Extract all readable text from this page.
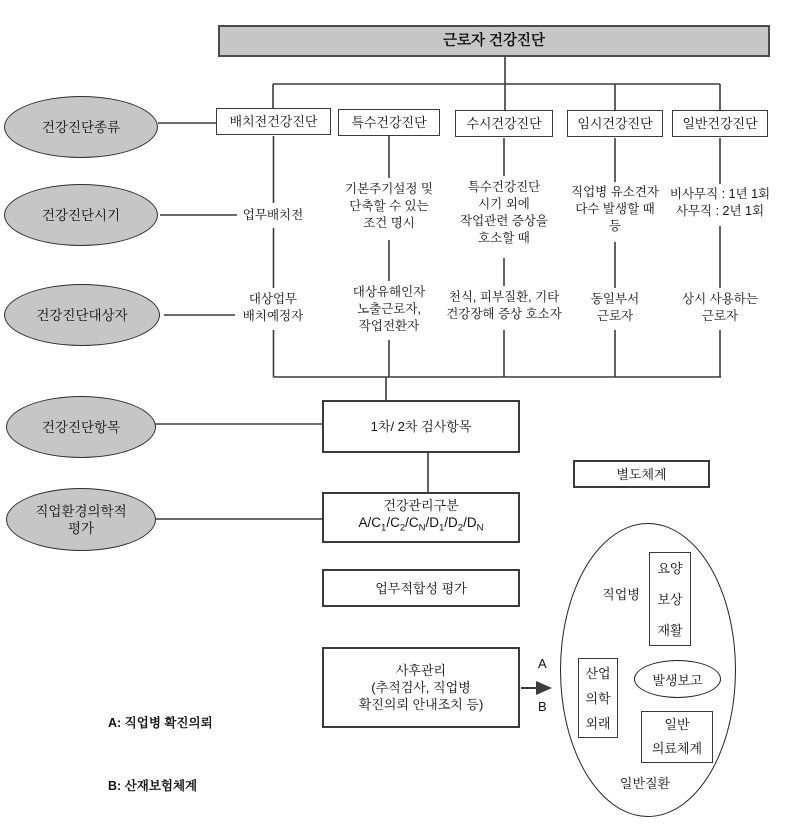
근로자 건강진단
건강진단종류
건강진단시기
건강진단대상자
건강진단항목
직업환경의학적
평가
배치전건강진단	특수건강진단	수시건강진단	임시건강진단	일반건강진단
업무배치전
기본주기설정 및
단축할 수 있는
조건 명시
특수건강진단
시기 외에
작업관련 증상을
호소할 때
직업병 유소견자
다수 발생할 때
등
비사무직 : 1년 1회
사무직 : 2년 1회
대상업무
배치예정자
대상유해인자
노출근로자,
작업전환자
천식, 피부질환, 기타
건강장해 증상 호소자
동일부서
근로자
상시 사용하는
근로자
1차/ 2차 검사항목
건강관리구분
$A/C_1/C_2/C_N/D_1/D_2/D_N$
업무적합성 평가
사후관리
(추적검사, 직업병
확진의뢰 안내조치 등)
별도체계
직업병
요양
보상
재활
산업
의학
외래
발생보고
일반
의료체계
일반질환
A
B

A: 직업병 확진의뢰

B: 산재보험체계
